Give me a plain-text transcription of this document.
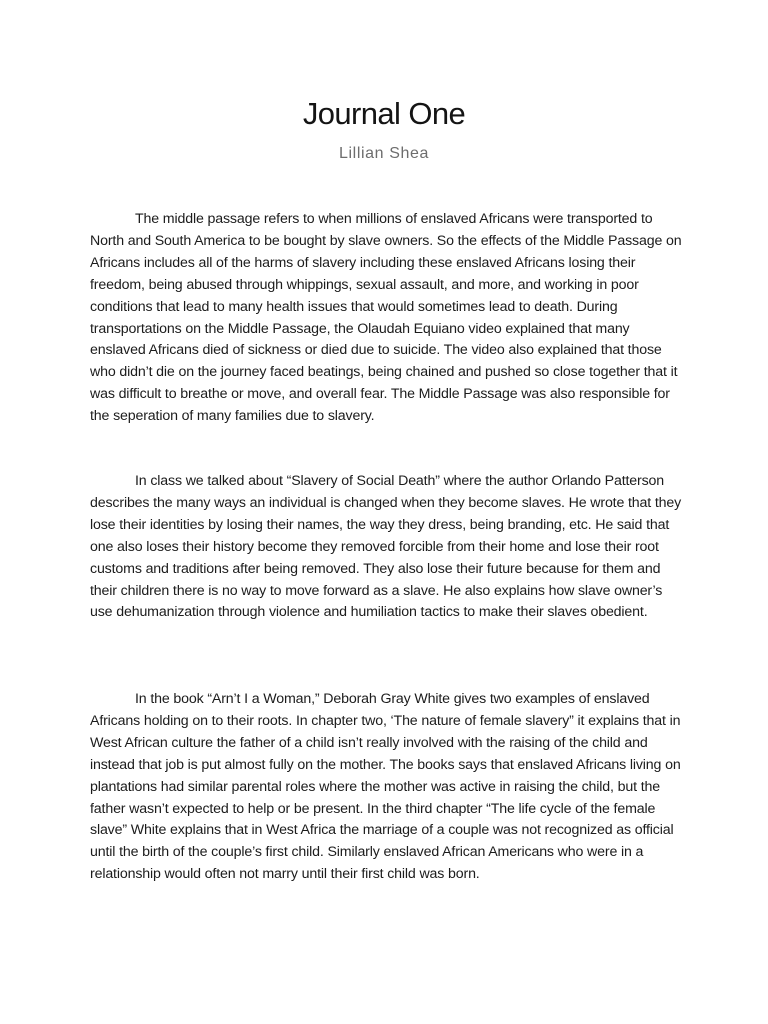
Journal One
Lillian Shea

The middle passage refers to when millions of enslaved Africans were transported to North and South America to be bought by slave owners. So the effects of the Middle Passage on Africans includes all of the harms of slavery including these enslaved Africans losing their freedom, being abused through whippings, sexual assault, and more, and working in poor conditions that lead to many health issues that would sometimes lead to death. During transportations on the Middle Passage, the Olaudah Equiano video explained that many enslaved Africans died of sickness or died due to suicide. The video also explained that those who didn’t die on the journey faced beatings, being chained and pushed so close together that it was difficult to breathe or move, and overall fear. The Middle Passage was also responsible for the seperation of many families due to slavery.

In class we talked about “Slavery of Social Death” where the author Orlando Patterson describes the many ways an individual is changed when they become slaves. He wrote that they lose their identities by losing their names, the way they dress, being branding, etc. He said that one also loses their history become they removed forcible from their home and lose their root customs and traditions after being removed. They also lose their future because for them and their children there is no way to move forward as a slave. He also explains how slave owner’s use dehumanization through violence and humiliation tactics to make their slaves obedient.

In the book “Arn’t I a Woman,” Deborah Gray White gives two examples of enslaved Africans holding on to their roots. In chapter two, ‘The nature of female slavery” it explains that in West African culture the father of a child isn’t really involved with the raising of the child and instead that job is put almost fully on the mother. The books says that enslaved Africans living on plantations had similar parental roles where the mother was active in raising the child, but the father wasn’t expected to help or be present. In the third chapter “The life cycle of the female slave” White explains that in West Africa the marriage of a couple was not recognized as official until the birth of the couple’s first child. Similarly enslaved African Americans who were in a relationship would often not marry until their first child was born.
